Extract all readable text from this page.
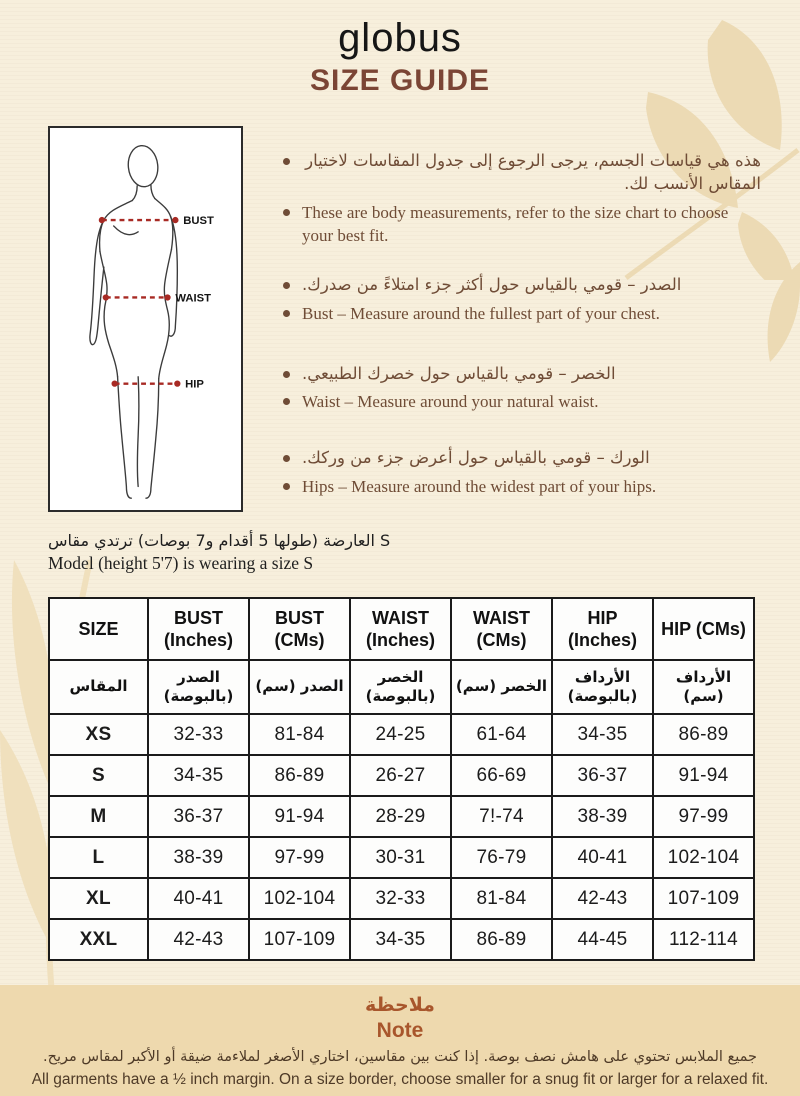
globus
SIZE GUIDE
BUST
WAIST
HIP
هذه هي قياسات الجسم، يرجى الرجوع إلى جدول المقاسات لاختيار المقاس الأنسب لك.
These are body measurements, refer to the size chart to choose your best fit.
الصدر – قومي بالقياس حول أكثر جزء امتلاءً من صدرك.
Bust – Measure around the fullest part of your chest.
الخصر – قومي بالقياس حول خصرك الطبيعي.
Waist – Measure around your natural waist.
الورك – قومي بالقياس حول أعرض جزء من وركك.
Hips – Measure around the widest part of your hips.
العارضة (طولها 5 أقدام و7 بوصات) ترتدي مقاس S
Model (height 5'7) is wearing a size S
SIZE	BUST (Inches)	BUST (CMs)	WAIST (Inches)	WAIST (CMs)	HIP (Inches)	HIP (CMs)
المقاس	الصدر (بالبوصة)	الصدر (سم)	الخصر (بالبوصة)	الخصر (سم)	الأرداف (بالبوصة)	الأرداف (سم)
XS	32-33	81-84	24-25	61-64	34-35	86-89
S	34-35	86-89	26-27	66-69	36-37	91-94
M	36-37	91-94	28-29	7!-74	38-39	97-99
L	38-39	97-99	30-31	76-79	40-41	102-104
XL	40-41	102-104	32-33	81-84	42-43	107-109
XXL	42-43	107-109	34-35	86-89	44-45	112-114
ملاحظة
Note
جميع الملابس تحتوي على هامش نصف بوصة. إذا كنت بين مقاسين، اختاري الأصغر لملاءمة ضيقة أو الأكبر لمقاس مريح.
All garments have a ½ inch margin. On a size border, choose smaller for a snug fit or larger for a relaxed fit.
